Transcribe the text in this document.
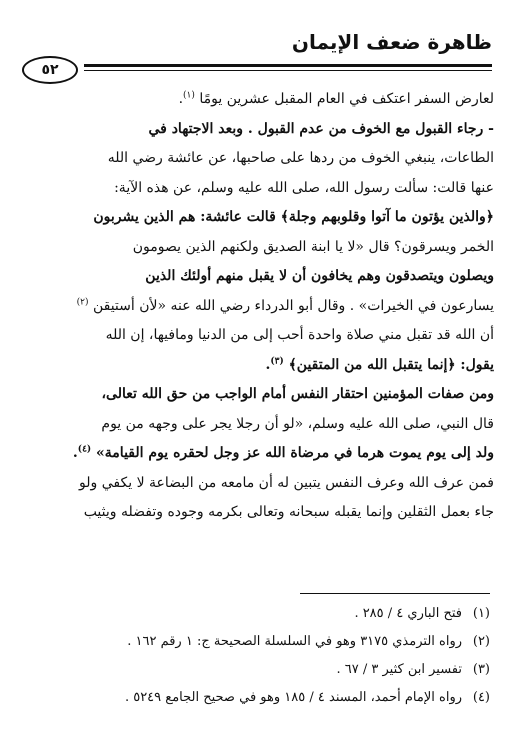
ظاهرة ضعف الإيمان
٥٢
لعارض السفر اعتكف في العام المقبل عشرين يومًا $^{(١)}$.
- رجاء القبول مع الخوف من عدم القبول . وبعد الاجتهاد في
الطاعات، ينبغي الخوف من ردها على صاحبها، عن عائشة رضي الله
عنها قالت: سألت رسول الله، صلى الله عليه وسلم، عن هذه الآية:
﴿والذين يؤتون ما آتوا وقلوبهم وجلة﴾ قالت عائشة: هم الذين يشربون
الخمر ويسرقون؟ قال «لا يا ابنة الصديق ولكنهم الذين يصومون
ويصلون ويتصدقون وهم يخافون أن لا يقبل منهم أولئك الذين
يسارعون في الخيرات» . وقال أبو الدرداء رضي الله عنه «لأن أستيقن $^{(٢)}$
أن الله قد تقبل مني صلاة واحدة أحب إلى من الدنيا ومافيها، إن الله
يقول: ﴿إنما يتقبل الله من المتقين﴾ $^{(٣)}$.
ومن صفات المؤمنين احتقار النفس أمام الواجب من حق الله تعالى،
قال النبي، صلى الله عليه وسلم، «لو أن رجلا يجر على وجهه من يوم
ولد إلى يوم يموت هرما في مرضاة الله عز وجل لحقره يوم القيامة» $^{(٤)}$.
فمن عرف الله وعرف النفس يتبين له أن مامعه من البضاعة لا يكفي ولو
جاء بعمل الثقلين وإنما يقبله سبحانه وتعالى بكرمه وجوده وتفضله ويثيب
(١)
فتح الباري ٤ / ٢٨٥ .
(٢)
رواه الترمذي ٣١٧٥ وهو في السلسلة الصحيحة ج: ١ رقم ١٦٢ .
(٣)
تفسير ابن كثير ٣ / ٦٧ .
(٤)
رواه الإمام أحمد، المسند ٤ / ١٨٥ وهو في صحيح الجامع ٥٢٤٩ .
